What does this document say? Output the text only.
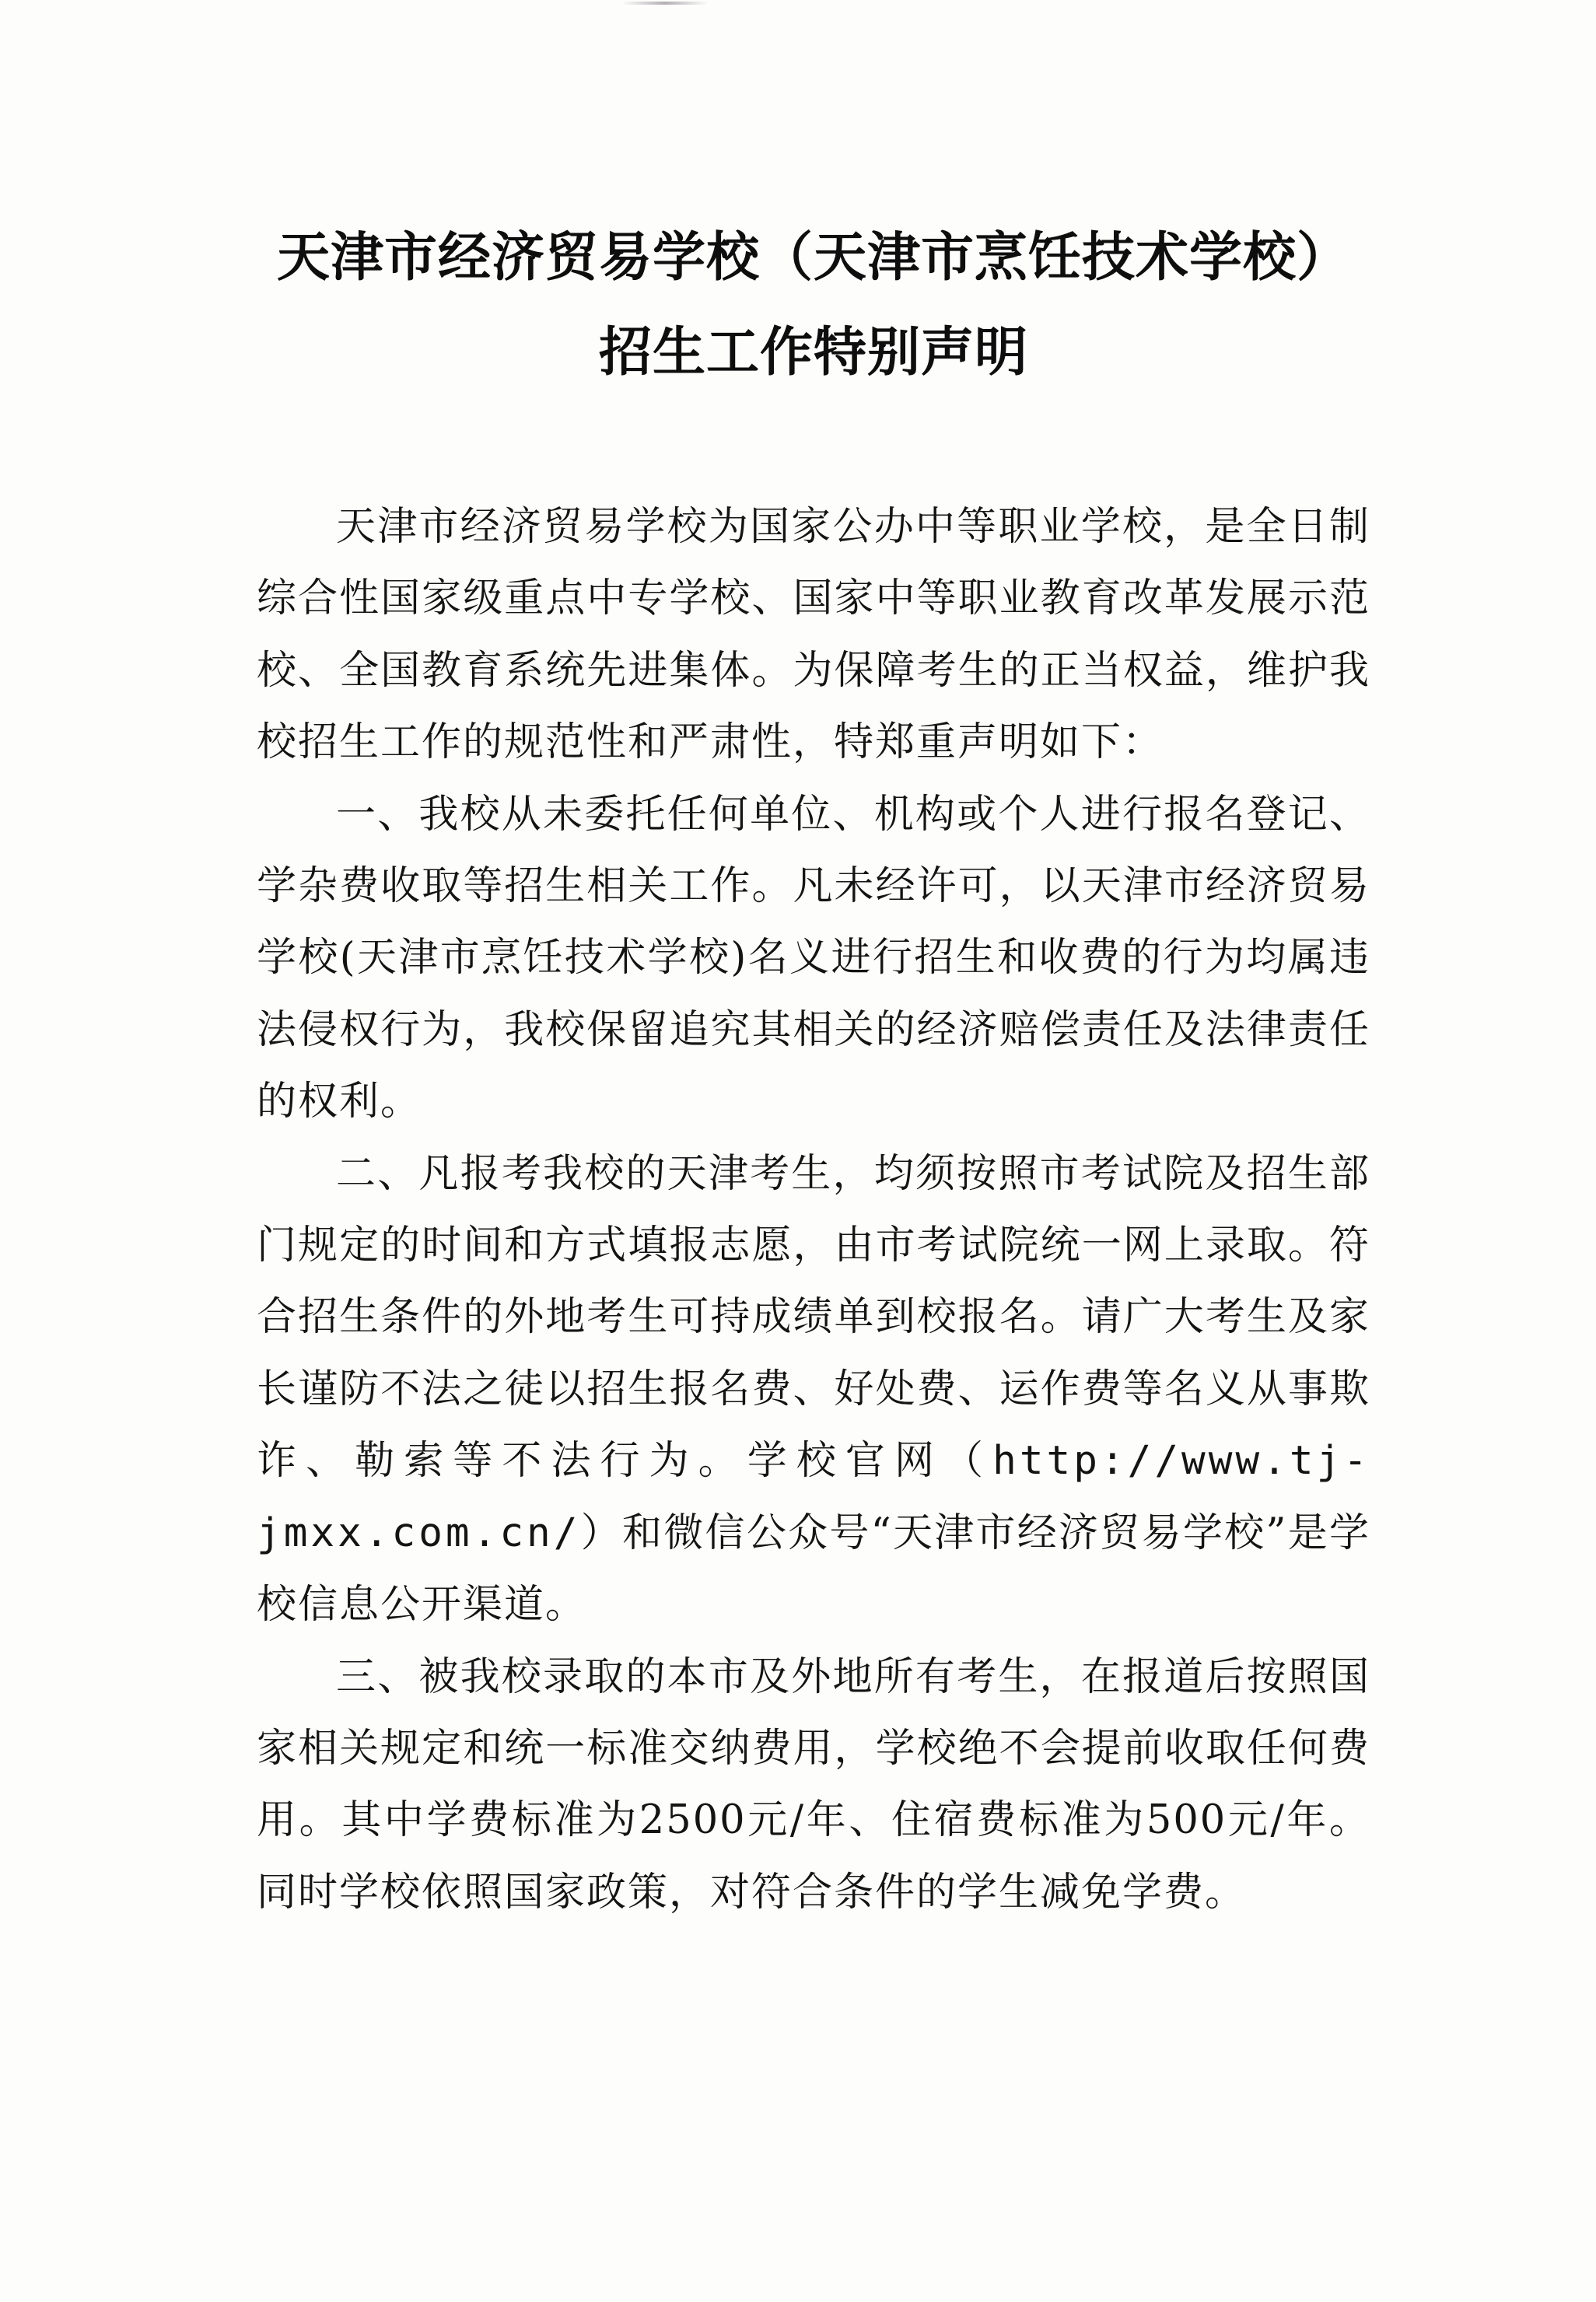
天津市经济贸易学校（天津市烹饪技术学校）
招生工作特别声明

天津市经济贸易学校为国家公办中等职业学校，是全日制综合性国家级重点中专学校、国家中等职业教育改革发展示范校、全国教育系统先进集体。为保障考生的正当权益，维护我校招生工作的规范性和严肃性，特郑重声明如下：

一、我校从未委托任何单位、机构或个人进行报名登记、学杂费收取等招生相关工作。凡未经许可，以天津市经济贸易学校(天津市烹饪技术学校)名义进行招生和收费的行为均属违法侵权行为，我校保留追究其相关的经济赔偿责任及法律责任的权利。

二、凡报考我校的天津考生，均须按照市考试院及招生部门规定的时间和方式填报志愿，由市考试院统一网上录取。符合招生条件的外地考生可持成绩单到校报名。请广大考生及家长谨防不法之徒以招生报名费、好处费、运作费等名义从事欺诈、勒索等不法行为。学校官网（http://www.tj-jmxx.com.cn/）和微信公众号“天津市经济贸易学校”是学校信息公开渠道。

三、被我校录取的本市及外地所有考生，在报道后按照国家相关规定和统一标准交纳费用，学校绝不会提前收取任何费用。其中学费标准为2500元/年、住宿费标准为500元/年。同时学校依照国家政策，对符合条件的学生减免学费。
